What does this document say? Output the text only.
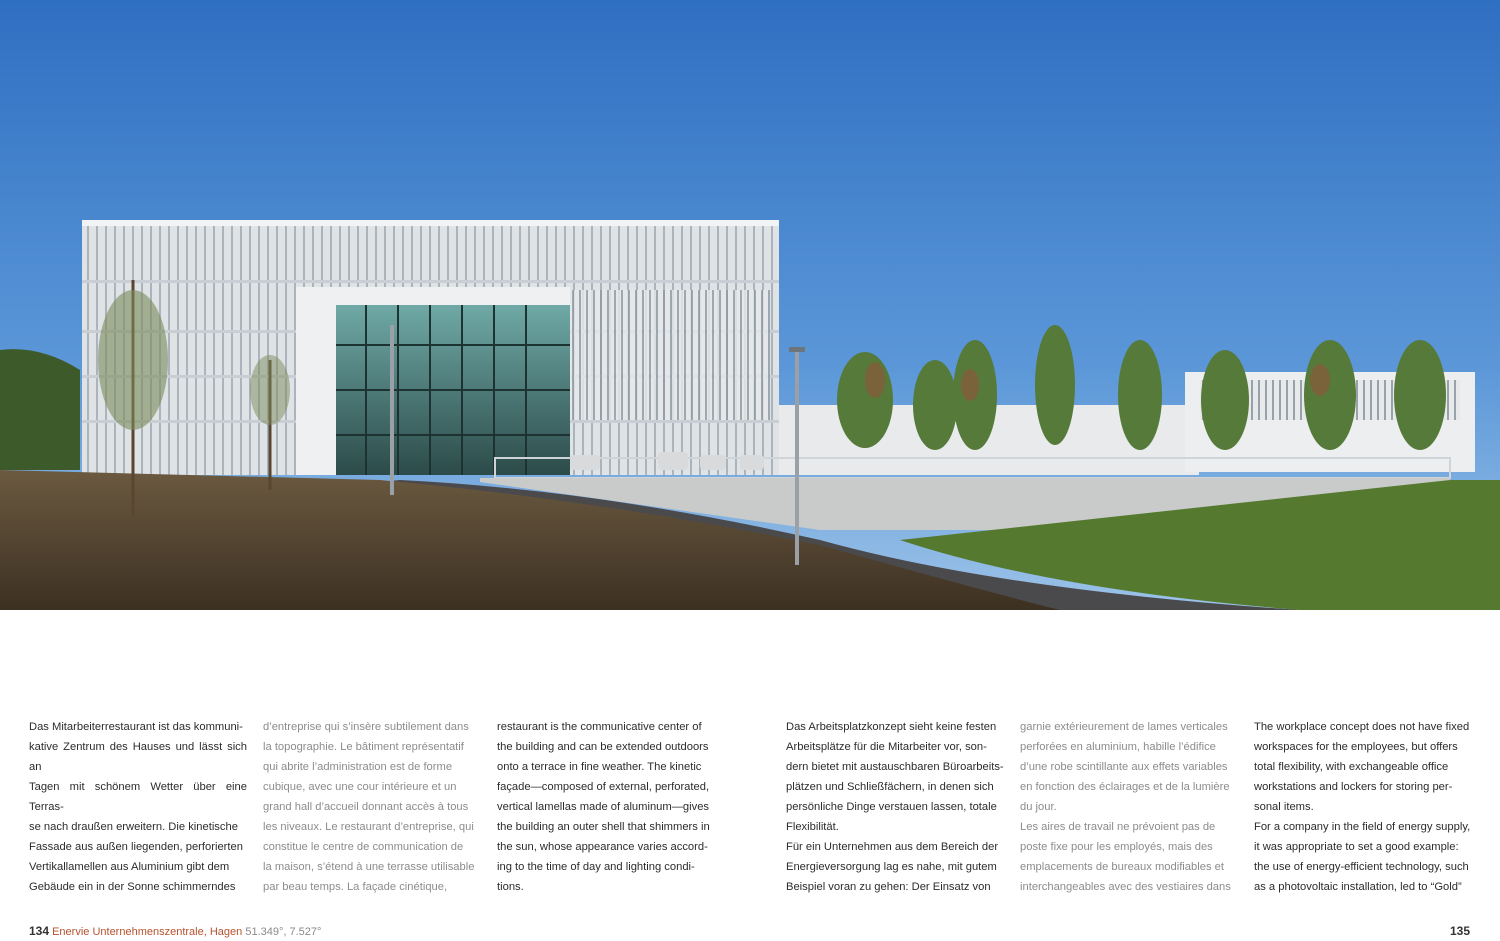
Das Mitarbeiterrestaurant ist das kommuni-

kative Zentrum des Hauses und lässt sich an

Tagen mit schönem Wetter über eine Terras-

se nach draußen erweitern. Die kinetische

Fassade aus außen liegenden, perforierten

Vertikallamellen aus Aluminium gibt dem

Gebäude ein in der Sonne schimmerndes

d’entreprise qui s’insère subtilement dans

la topographie. Le bâtiment représentatif

qui abrite l’administration est de forme

cubique, avec une cour intérieure et un

grand hall d’accueil donnant accès à tous

les niveaux. Le restaurant d’entreprise, qui

constitue le centre de communication de

la maison, s’étend à une terrasse utilisable

par beau temps. La façade cinétique,

restaurant is the communicative center of

the building and can be extended outdoors

onto a terrace in fine weather. The kinetic

façade—composed of external, perforated,

vertical lamellas made of aluminum—gives

the building an outer shell that shimmers in

the sun, whose appearance varies accord-

ing to the time of day and lighting condi-

tions.

Das Arbeitsplatzkonzept sieht keine festen

Arbeitsplätze für die Mitarbeiter vor, son-

dern bietet mit austauschbaren Büroarbeits-

plätzen und Schließfächern, in denen sich

persönliche Dinge verstauen lassen, totale

Flexibilität.

Für ein Unternehmen aus dem Bereich der

Energieversorgung lag es nahe, mit gutem

Beispiel voran zu gehen: Der Einsatz von

garnie extérieurement de lames verticales

perforées en aluminium, habille l’édifice

d’une robe scintillante aux effets variables

en fonction des éclairages et de la lumière

du jour.

Les aires de travail ne prévoient pas de

poste fixe pour les employés, mais des

emplacements de bureaux modifiables et

interchangeables avec des vestiaires dans

The workplace concept does not have fixed

workspaces for the employees, but offers

total flexibility, with exchangeable office

workstations and lockers for storing per-

sonal items.

For a company in the field of energy supply,

it was appropriate to set a good example:

the use of energy-efficient technology, such

as a photovoltaic installation, led to “Gold”

134 Enervie Unternehmenszentrale, Hagen 51.349°, 7.527°	135
